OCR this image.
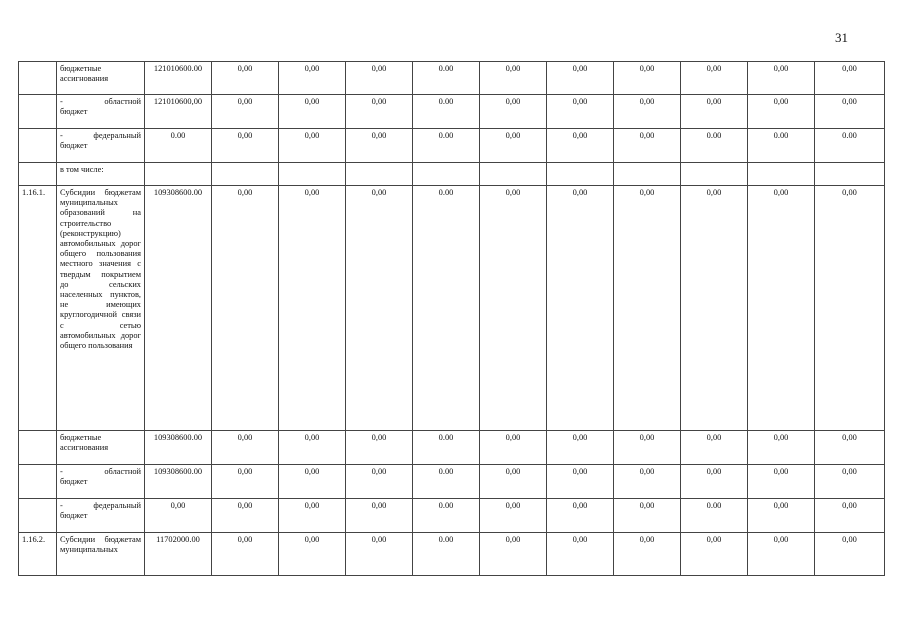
31
	бюджетные ассигнования	121010600.00	0,00	0,00	0,00	0.00	0,00	0,00	0,00	0,00	0,00	0,00	

	- областной
бюджет	121010600,00	0,00	0,00	0,00	0.00	0,00	0,00	0,00	0,00	0,00	0,00	

	- федеральный
бюджет	0.00	0,00	0,00	0,00	0.00	0,00	0,00	0,00	0.00	0.00	0.00	
	в том числе:												
1.16.1.	Субсидии бюджетам муниципальных образований на строительство (реконструкцию) автомобильных дорог общего пользования местного значения с твердым покрытием до сельских населенных пунктов, не имеющих круглогодичной связи с сетью автомобильных дорог общего пользования	109308600.00	0,00	0,00	0,00	0.00	0,00	0,00	0,00	0,00	0,00	0,00	
	бюджетные ассигнования	109308600.00	0,00	0,00	0,00	0.00	0,00	0,00	0,00	0,00	0,00	0,00	

	- областной
бюджет	109308600.00	0,00	0,00	0,00	0.00	0,00	0,00	0,00	0,00	0,00	0,00	

	- федеральный
бюджет	0,00	0,00	0,00	0,00	0.00	0,00	0,00	0,00	0.00	0,00	0,00	
1.16.2.	Субсидии бюджетам муниципальных	11702000.00	0,00	0,00	0,00	0.00	0,00	0,00	0,00	0,00	0,00	0,00	
